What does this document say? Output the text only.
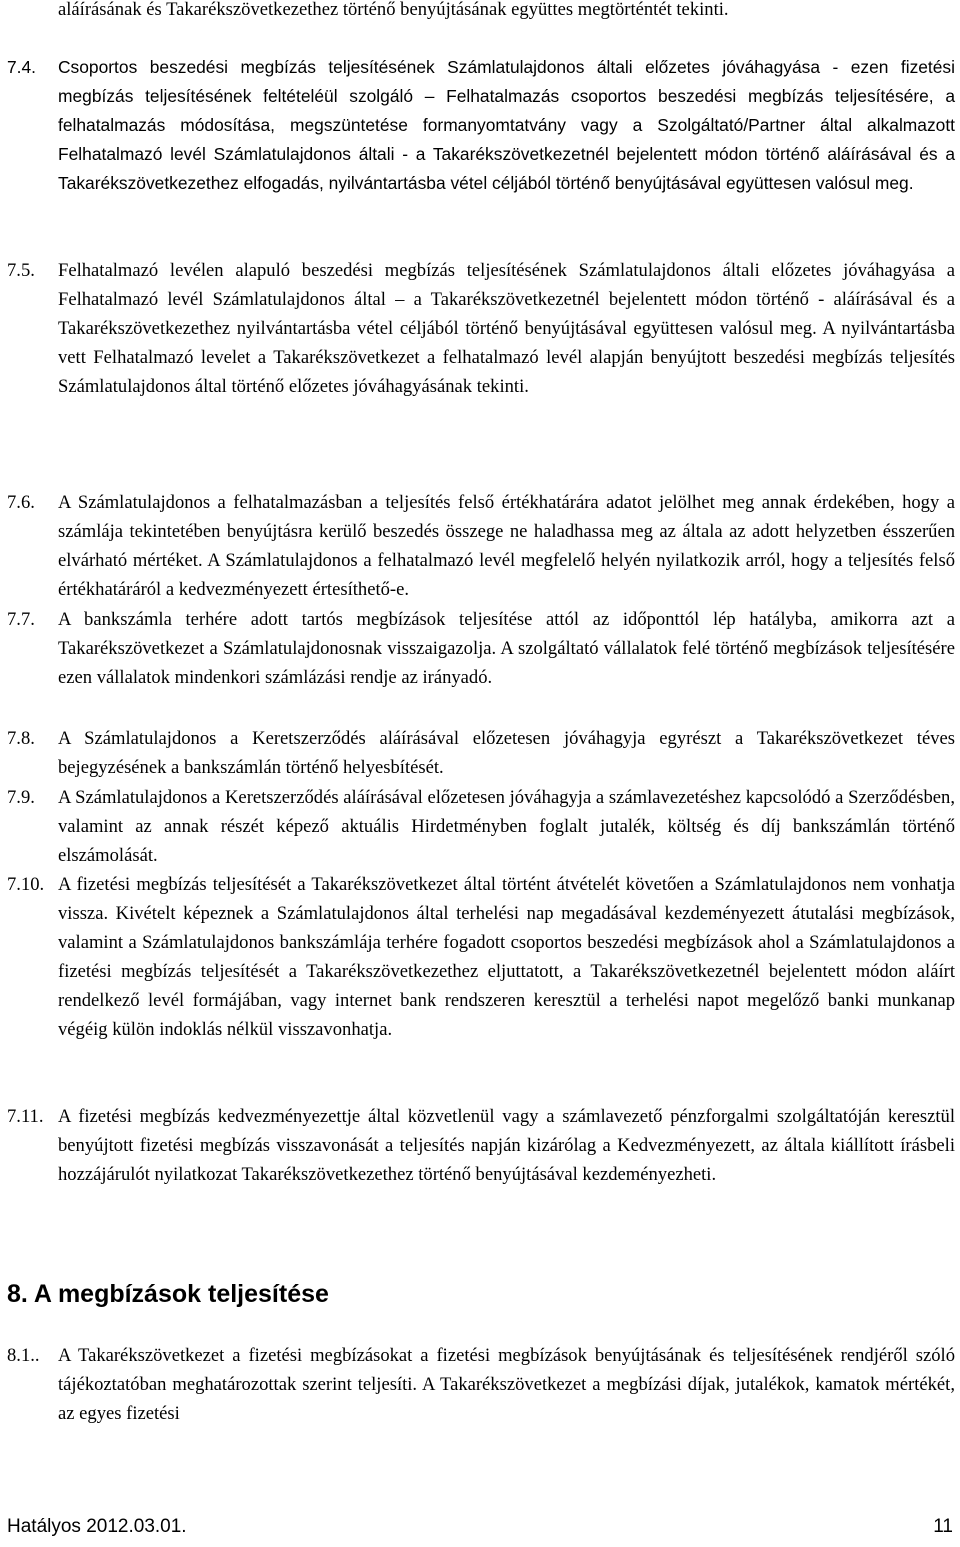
aláírásának és Takarékszövetkezethez történő benyújtásának együttes megtörténtét tekinti.
7.4.	Csoportos beszedési megbízás teljesítésének Számlatulajdonos általi előzetes jóváhagyása - ezen fizetési megbízás teljesítésének feltételéül szolgáló – Felhatalmazás csoportos beszedési megbízás teljesítésére, a felhatalmazás módosítása, megszüntetése formanyomtatvány vagy a Szolgáltató/Partner által alkalmazott Felhatalmazó levél Számlatulajdonos általi - a Takarékszövetkezetnél bejelentett módon történő aláírásával és a Takarékszövetkezethez elfogadás, nyilvántartásba vétel céljából történő benyújtásával együttesen valósul meg.
7.5.	Felhatalmazó levélen alapuló beszedési megbízás teljesítésének Számlatulajdonos általi előzetes jóváhagyása a Felhatalmazó levél Számlatulajdonos által – a Takarékszövetkezetnél bejelentett módon történő - aláírásával és a Takarékszövetkezethez nyilvántartásba vétel céljából történő benyújtásával együttesen valósul meg. A nyilvántartásba vett Felhatalmazó levelet a Takarékszövetkezet a felhatalmazó levél alapján benyújtott beszedési megbízás teljesítés Számlatulajdonos által történő előzetes jóváhagyásának tekinti.
7.6.	A Számlatulajdonos a felhatalmazásban a teljesítés felső értékhatárára adatot jelölhet meg annak érdekében, hogy a számlája tekintetében benyújtásra kerülő beszedés összege ne haladhassa meg az általa az adott helyzetben ésszerűen elvárható mértéket. A Számlatulajdonos a felhatalmazó levél megfelelő helyén nyilatkozik arról, hogy a teljesítés felső értékhatáráról a kedvezményezett értesíthető-e.
7.7.	A bankszámla terhére adott tartós megbízások teljesítése attól az időponttól lép hatályba, amikorra azt a Takarékszövetkezet a Számlatulajdonosnak visszaigazolja. A szolgáltató vállalatok felé történő megbízások teljesítésére ezen vállalatok mindenkori számlázási rendje az irányadó.
7.8.	A Számlatulajdonos a Keretszerződés aláírásával előzetesen jóváhagyja egyrészt a Takarékszövetkezet téves bejegyzésének a bankszámlán történő helyesbítését.
7.9.	A Számlatulajdonos a Keretszerződés aláírásával előzetesen jóváhagyja a számlavezetéshez kapcsolódó a Szerződésben, valamint az annak részét képező aktuális Hirdetményben foglalt jutalék, költség és díj bankszámlán történő elszámolását.
7.10. A fizetési megbízás teljesítését a Takarékszövetkezet által történt átvételét követően a Számlatulajdonos nem vonhatja vissza. Kivételt képeznek a Számlatulajdonos által terhelési nap megadásával kezdeményezett átutalási megbízások, valamint a Számlatulajdonos bankszámlája terhére fogadott csoportos beszedési megbízások ahol a Számlatulajdonos a fizetési megbízás teljesítését a Takarékszövetkezethez eljuttatott, a Takarékszövetkezetnél bejelentett módon aláírt rendelkező levél formájában, vagy internet bank rendszeren keresztül a terhelési napot megelőző banki munkanap végéig külön indoklás nélkül visszavonhatja.
7.11. A fizetési megbízás kedvezményezettje által közvetlenül vagy a számlavezető pénzforgalmi szolgáltatóján keresztül benyújtott fizetési megbízás visszavonását a teljesítés napján kizárólag a Kedvezményezett, az általa kiállított írásbeli hozzájárulót nyilatkozat Takarékszövetkezethez történő benyújtásával kezdeményezheti.
8. A megbízások teljesítése
8.1.. A Takarékszövetkezet a fizetési megbízásokat a fizetési megbízások benyújtásának és teljesítésének rendjéről szóló tájékoztatóban meghatározottak szerint teljesíti. A Takarékszövetkezet a megbízási díjak, jutalékok, kamatok mértékét, az egyes fizetési
Hatályos 2012.03.01.	11
